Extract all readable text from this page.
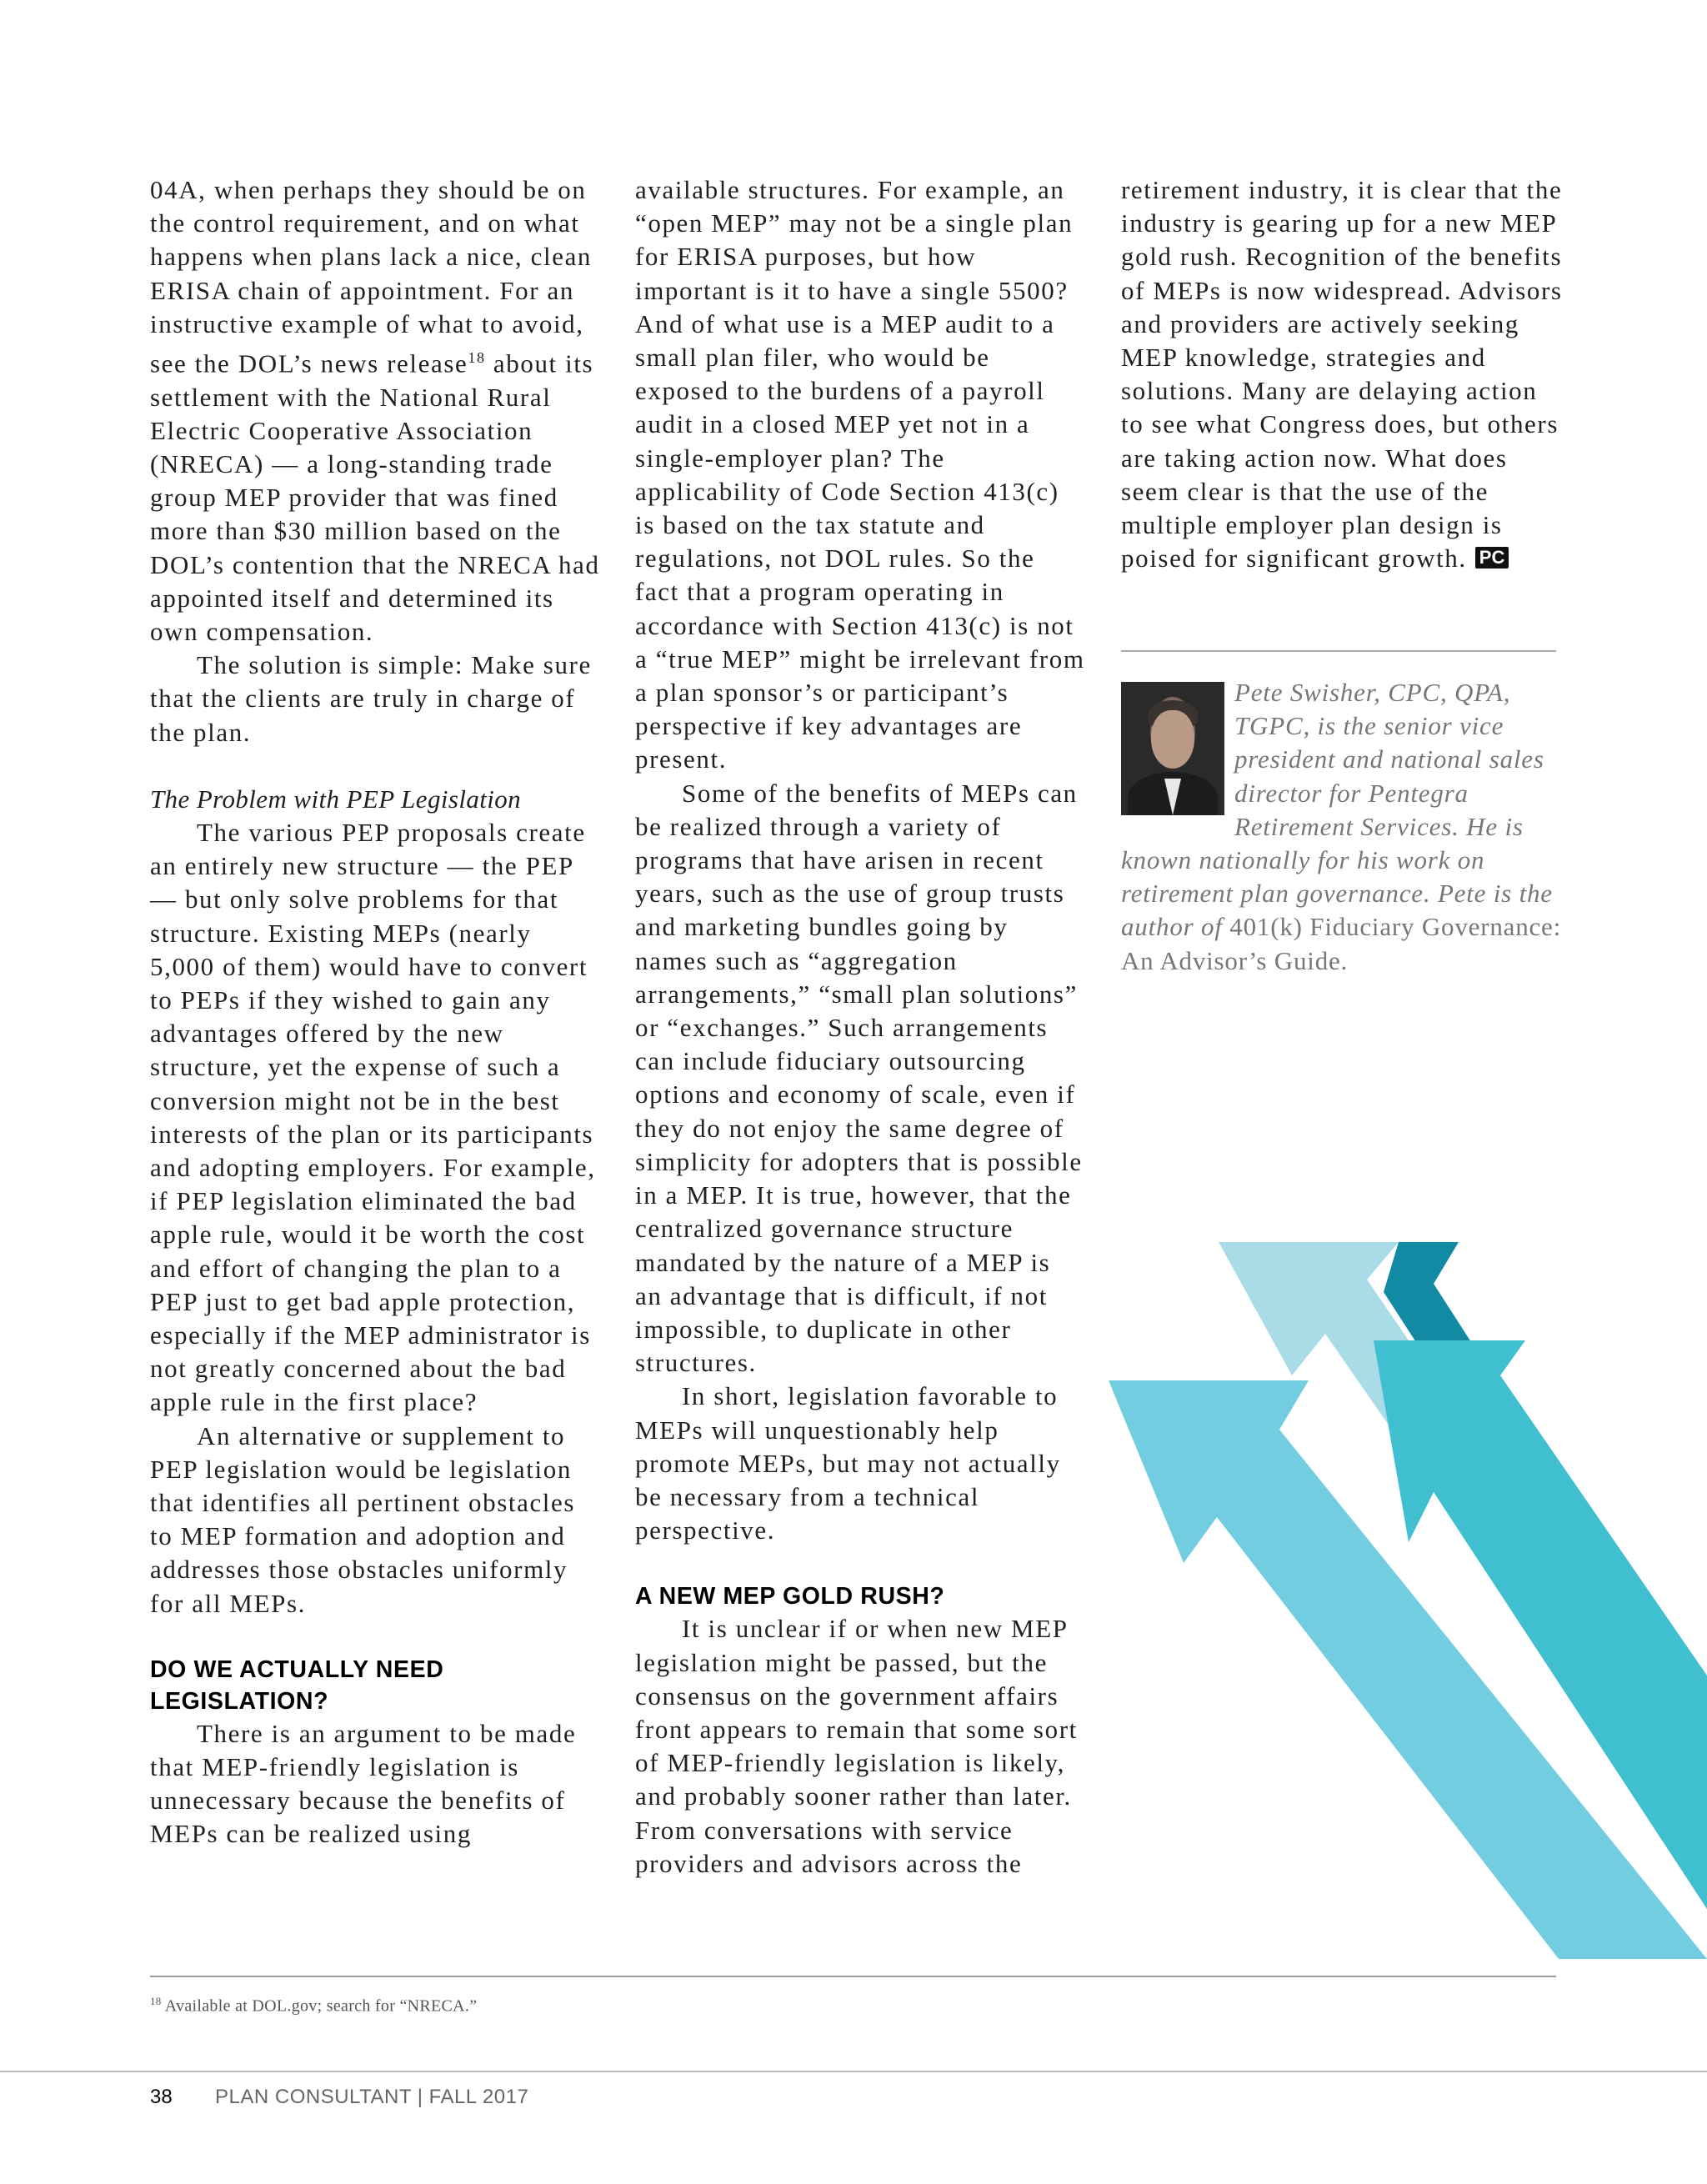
04A, when perhaps they should be on the control requirement, and on what happens when plans lack a nice, clean ERISA chain of appointment. For an instructive example of what to avoid, see the DOL’s news release$^{18}$ about its settlement with the National Rural Electric Cooperative Association (NRECA) — a long-standing trade group MEP provider that was fined more than $30 million based on the DOL’s contention that the NRECA had appointed itself and determined its own compensation.

The solution is simple: Make sure that the clients are truly in charge of the plan.

The Problem with PEP Legislation

The various PEP proposals create an entirely new structure — the PEP — but only solve problems for that structure. Existing MEPs (nearly 5,000 of them) would have to convert to PEPs if they wished to gain any advantages offered by the new structure, yet the expense of such a conversion might not be in the best interests of the plan or its participants and adopting employers. For example, if PEP legislation eliminated the bad apple rule, would it be worth the cost and effort of changing the plan to a PEP just to get bad apple protection, especially if the MEP administrator is not greatly concerned about the bad apple rule in the first place?

An alternative or supplement to PEP legislation would be legislation that identifies all pertinent obstacles to MEP formation and adoption and addresses those obstacles uniformly for all MEPs.

DO WE ACTUALLY NEED LEGISLATION?

There is an argument to be made that MEP-friendly legislation is unnecessary because the benefits of MEPs can be realized using

available structures. For example, an “open MEP” may not be a single plan for ERISA purposes, but how important is it to have a single 5500? And of what use is a MEP audit to a small plan filer, who would be exposed to the burdens of a payroll audit in a closed MEP yet not in a single-employer plan? The applicability of Code Section 413(c) is based on the tax statute and regulations, not DOL rules. So the fact that a program operating in accordance with Section 413(c) is not a “true MEP” might be irrelevant from a plan sponsor’s or participant’s perspective if key advantages are present.

Some of the benefits of MEPs can be realized through a variety of programs that have arisen in recent years, such as the use of group trusts and marketing bundles going by names such as “aggregation arrangements,” “small plan solutions” or “exchanges.” Such arrangements can include fiduciary outsourcing options and economy of scale, even if they do not enjoy the same degree of simplicity for adopters that is possible in a MEP. It is true, however, that the centralized governance structure mandated by the nature of a MEP is an advantage that is difficult, if not impossible, to duplicate in other structures.

In short, legislation favorable to MEPs will unquestionably help promote MEPs, but may not actually be necessary from a technical perspective.

A NEW MEP GOLD RUSH?

It is unclear if or when new MEP legislation might be passed, but the consensus on the government affairs front appears to remain that some sort of MEP-friendly legislation is likely, and probably sooner rather than later. From conversations with service providers and advisors across the

retirement industry, it is clear that the industry is gearing up for a new MEP gold rush. Recognition of the benefits of MEPs is now widespread. Advisors and providers are actively seeking MEP knowledge, strategies and solutions. Many are delaying action to see what Congress does, but others are taking action now. What does seem clear is that the use of the multiple employer plan design is poised for significant growth. PC

Pete Swisher, CPC, QPA, TGPC, is the senior vice president and national sales director for Pentegra Retirement Services. He is known nationally for his work on retirement plan governance. Pete is the author of 401(k) Fiduciary Governance: An Advisor’s Guide.
$^{18}$ Available at DOL.gov; search for “NRECA.”
38 PLAN CONSULTANT | FALL 2017
